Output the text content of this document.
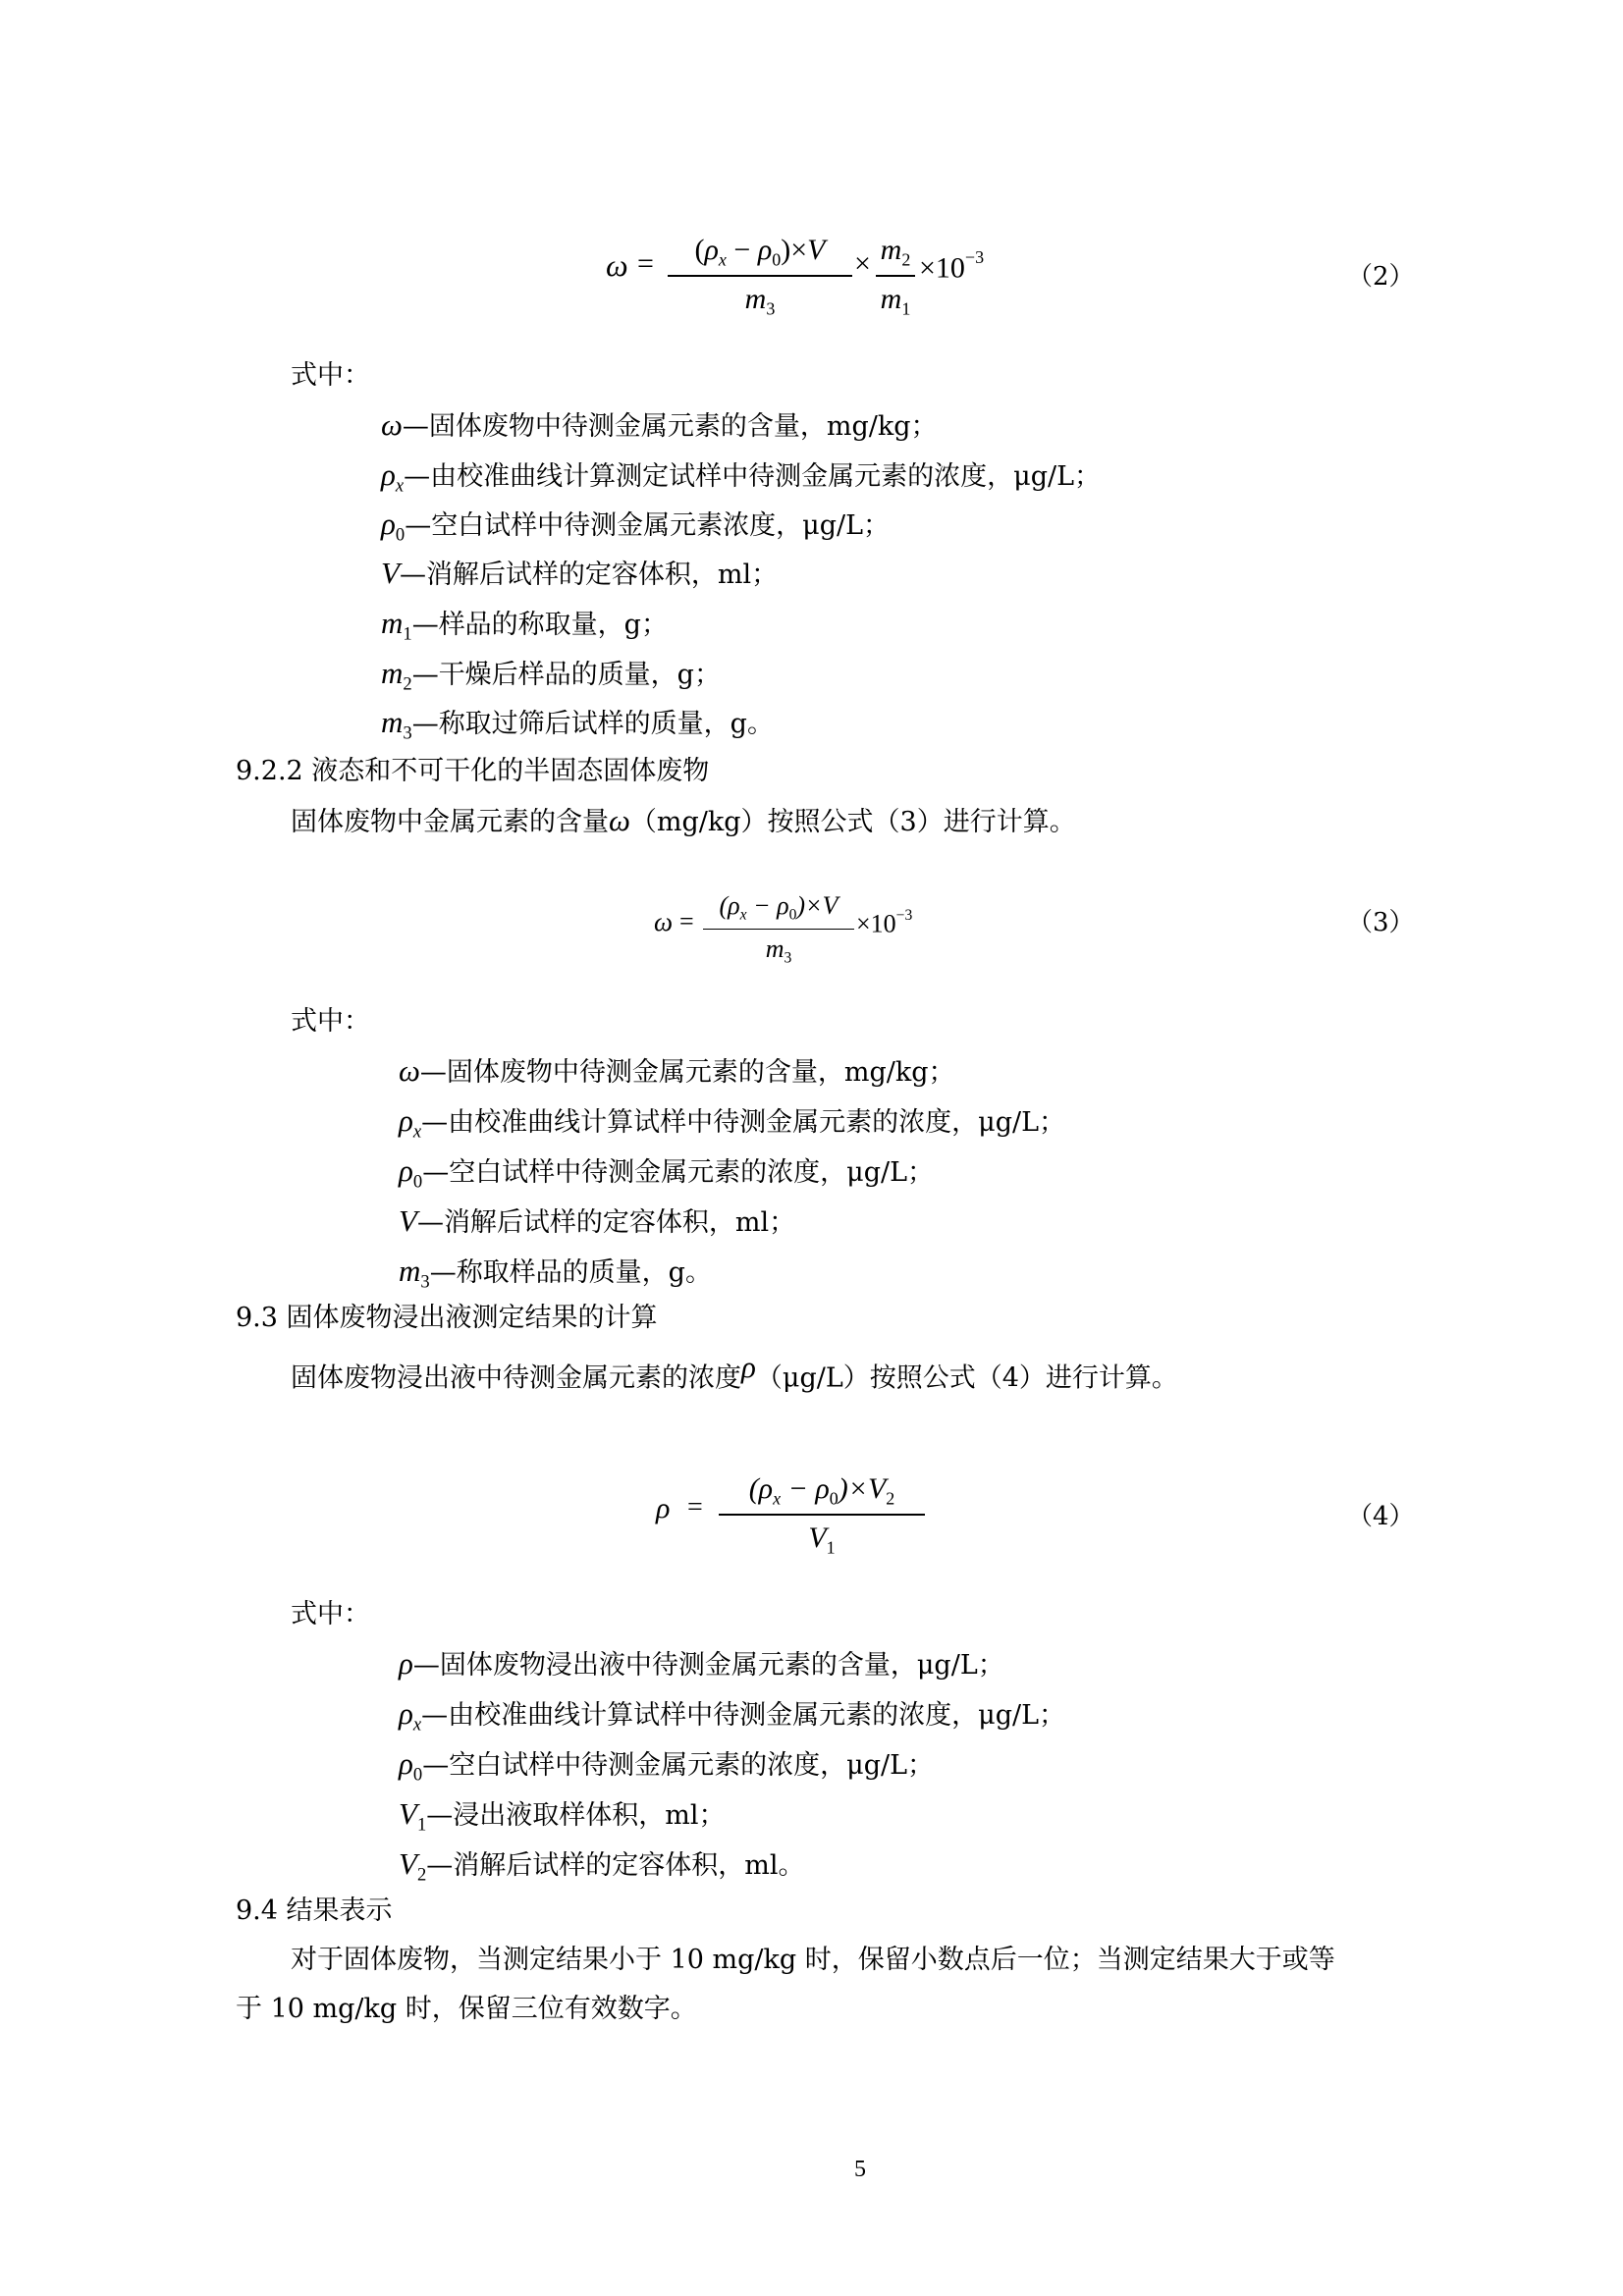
ω =	$(\rho_x - \rho_0)\times V$
$m_3$
× $m_2$
$m_1$
$\times 10^{-3}$
（2）
式中：
ω—固体废物中待测金属元素的含量，mg/kg；
$\rho_x—$由校准曲线计算测定试样中待测金属元素的浓度，μg/L；
$\rho_0—$空白试样中待测金属元素浓度，μg/L；
V—消解后试样的定容体积，ml；
$m_1—$样品的称取量，g；
$m_2—$干燥后样品的质量，g；
$m_3—$称取过筛后试样的质量，g。
9.2.2 液态和不可干化的半固态固体废物
固体废物中金属元素的含量ω（mg/kg）按照公式（3）进行计算。
ω =
$(\rho_x - \rho_0)\times V$
$m_3$
$\times 10^{-3}$	（3）
式中：
ω—固体废物中待测金属元素的含量，mg/kg；
$\rho_x—$由校准曲线计算试样中待测金属元素的浓度，μg/L；
$\rho_0—$空白试样中待测金属元素的浓度，μg/L；
V—消解后试样的定容体积，ml；
$m_3—$称取样品的质量，g。
9.3 固体废物浸出液测定结果的计算
固体废物浸出液中待测金属元素的浓度ρ（μg/L）按照公式（4）进行计算。
ρ =
$(\rho_x - \rho_0)\times V_2$
$V_1$
（4）
式中：
ρ—固体废物浸出液中待测金属元素的含量，μg/L；
$\rho_x—$由校准曲线计算试样中待测金属元素的浓度，μg/L；
$\rho_0—$空白试样中待测金属元素的浓度，μg/L；
$V_1—$浸出液取样体积，ml；
$V_2—$消解后试样的定容体积，ml。
9.4 结果表示
对于固体废物，当测定结果小于 10 mg/kg 时，保留小数点后一位；当测定结果大于或等
于 10 mg/kg 时，保留三位有效数字。
5
